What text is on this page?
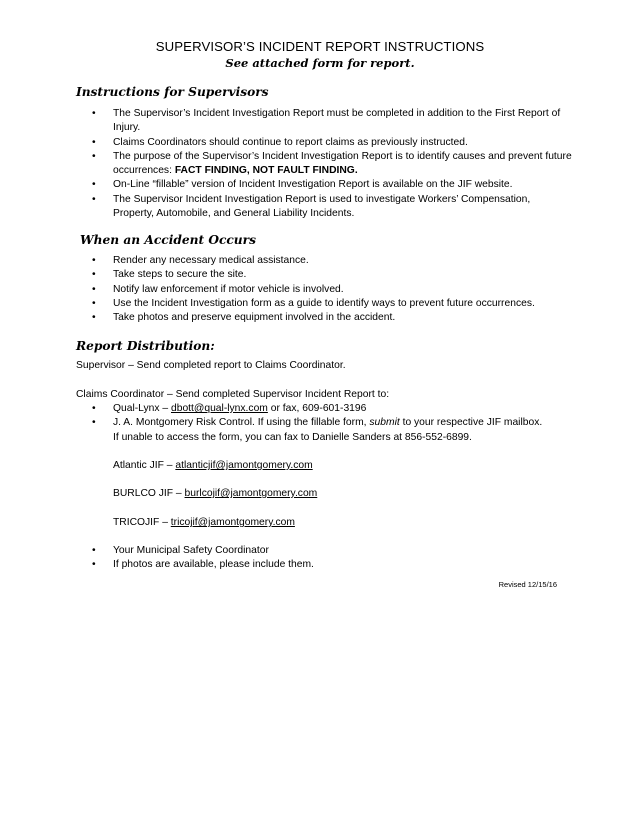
SUPERVISOR’S INCIDENT REPORT INSTRUCTIONS
See attached form for report.
Instructions for Supervisors
• The Supervisor’s Incident Investigation Report must be completed in addition to the First Report of Injury.
• Claims Coordinators should continue to report claims as previously instructed.
• The purpose of the Supervisor’s Incident Investigation Report is to identify causes and prevent future occurrences: FACT FINDING, NOT FAULT FINDING.
• On-Line “fillable” version of Incident Investigation Report is available on the JIF website.
• The Supervisor Incident Investigation Report is used to investigate Workers’ Compensation, Property, Automobile, and General Liability Incidents.
When an Accident Occurs
• Render any necessary medical assistance.
• Take steps to secure the site.
• Notify law enforcement if motor vehicle is involved.
• Use the Incident Investigation form as a guide to identify ways to prevent future occurrences.
• Take photos and preserve equipment involved in the accident.
Report Distribution:
Supervisor – Send completed report to Claims Coordinator.
Claims Coordinator – Send completed Supervisor Incident Report to:
• Qual-Lynx – dbott@qual-lynx.com or fax, 609-601-3196
• J. A. Montgomery Risk Control. If using the fillable form, submit to your respective JIF mailbox.
If unable to access the form, you can fax to Danielle Sanders at 856-552-6899.
Atlantic JIF – atlanticjif@jamontgomery.com
BURLCO JIF – burlcojif@jamontgomery.com
TRICOJIF – tricojif@jamontgomery.com
• Your Municipal Safety Coordinator
• If photos are available, please include them.
Revised 12/15/16
